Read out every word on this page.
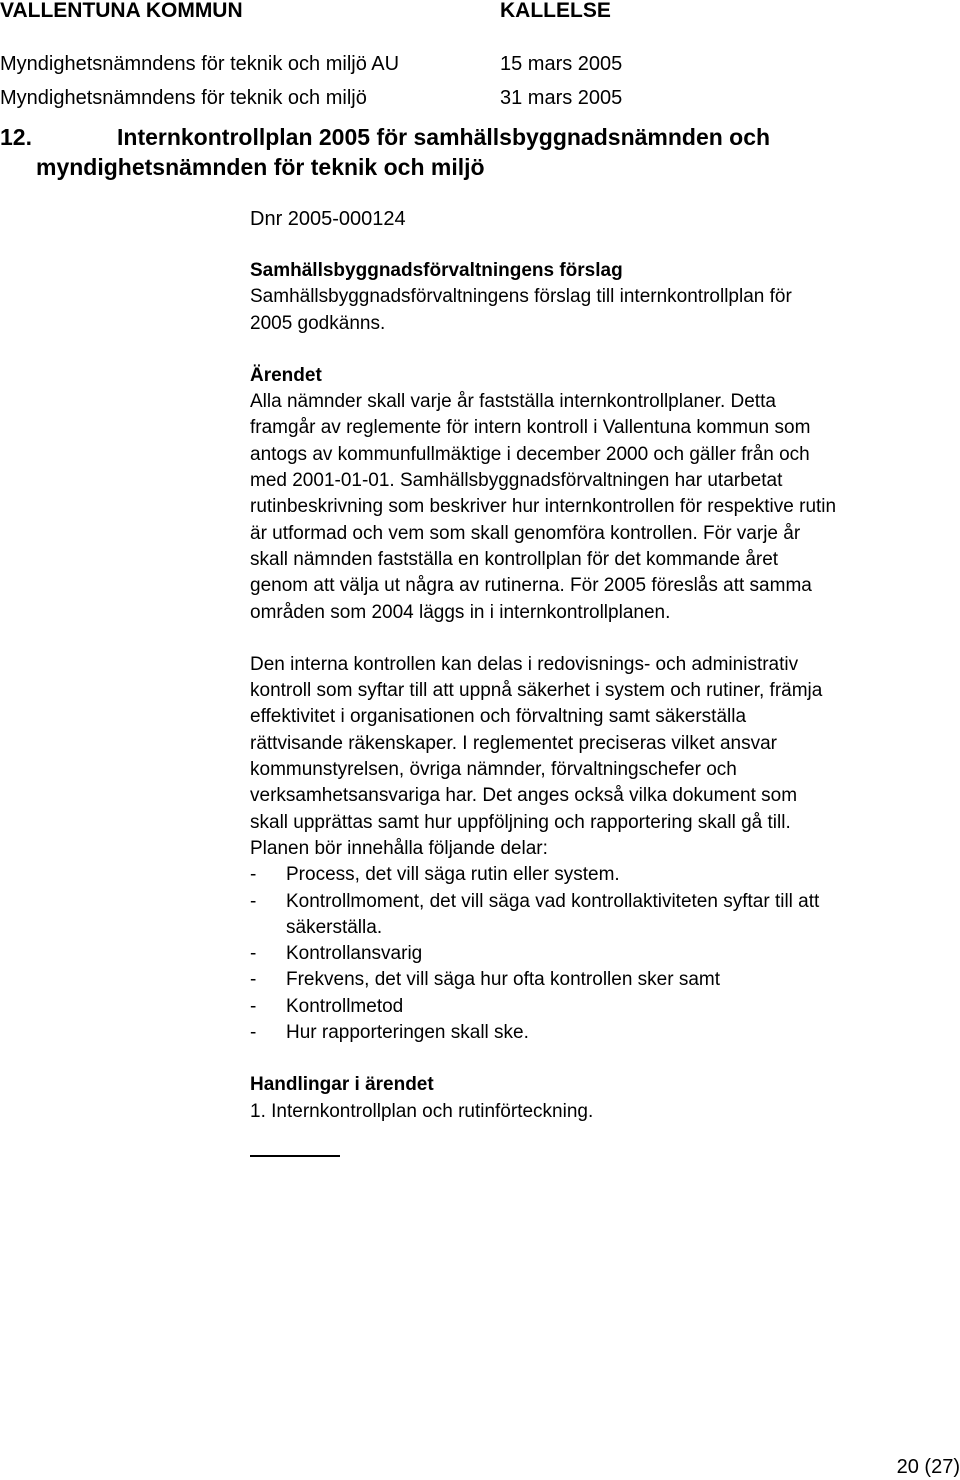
VALLENTUNA KOMMUN	KALLELSE
Myndighetsnämndens för teknik och miljö AU	15 mars 2005
Myndighetsnämndens för teknik och miljö	31 mars 2005
12.	Internkontrollplan 2005 för samhällsbyggnadsnämnden och
myndighetsnämnden för teknik och miljö
Dnr 2005-000124

Samhällsbyggnadsförvaltningens förslag

Samhällsbyggnadsförvaltningens förslag till internkontrollplan för

2005 godkänns.

Ärendet

Alla nämnder skall varje år fastställa internkontrollplaner. Detta

framgår av reglemente för intern kontroll i Vallentuna kommun som

antogs av kommunfullmäktige i december 2000 och gäller från och

med 2001-01-01. Samhällsbyggnadsförvaltningen har utarbetat

rutinbeskrivning som beskriver hur internkontrollen för respektive rutin

är utformad och vem som skall genomföra kontrollen. För varje år

skall nämnden fastställa en kontrollplan för det kommande året

genom att välja ut några av rutinerna. För 2005 föreslås att samma

områden som 2004 läggs in i internkontrollplanen.

Den interna kontrollen kan delas i redovisnings- och administrativ

kontroll som syftar till att uppnå säkerhet i system och rutiner, främja

effektivitet i organisationen och förvaltning samt säkerställa

rättvisande räkenskaper. I reglementet preciseras vilket ansvar

kommunstyrelsen, övriga nämnder, förvaltningschefer och

verksamhetsansvariga har. Det anges också vilka dokument som

skall upprättas samt hur uppföljning och rapportering skall gå till.

Planen bör innehålla följande delar:

-	Process, det vill säga rutin eller system.
-	Kontrollmoment, det vill säga vad kontrollaktiviteten syftar till att
säkerställa.
-	Kontrollansvarig
-	Frekvens, det vill säga hur ofta kontrollen sker samt
-	Kontrollmetod
-	Hur rapporteringen skall ske.

Handlingar i ärendet

1. Internkontrollplan och rutinförteckning.

20 (27)
